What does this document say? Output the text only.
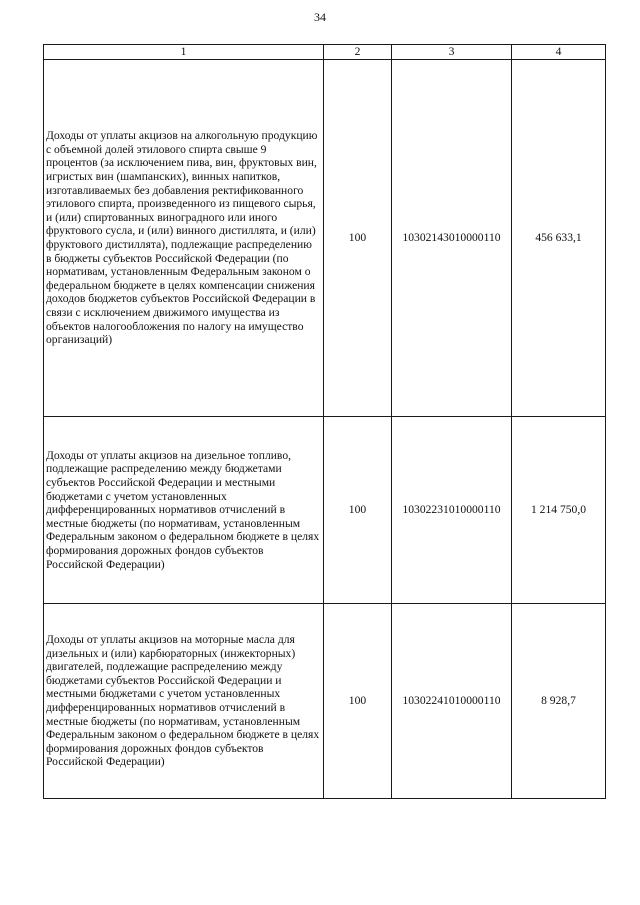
34
1	2	3	4
Доходы от уплаты акцизов на алкогольную продукцию с объемной долей этилового спирта свыше 9 процентов (за исключением пива, вин, фруктовых вин, игристых вин (шампанских), винных напитков, изготавливаемых без добавления ректификованного этилового спирта, произведенного из пищевого сырья, и (или) спиртованных виноградного или иного фруктового сусла, и (или) винного дистиллята, и (или) фруктового дистиллята), подлежащие распределению в бюджеты субъектов Российской Федерации (по нормативам, установленным Федеральным законом о федеральном бюджете в целях компенсации снижения доходов бюджетов субъектов Российской Федерации в связи с исключением движимого имущества из объектов налогообложения по налогу на имущество организаций)	100	10302143010000110	456 633,1
Доходы от уплаты акцизов на дизельное топливо, подлежащие распределению между бюджетами субъектов Российской Федерации и местными бюджетами с учетом установленных дифференцированных нормативов отчислений в местные бюджеты (по нормативам, установленным Федеральным законом о федеральном бюджете в целях формирования дорожных фондов субъектов Российской Федерации)	100	10302231010000110	1 214 750,0
Доходы от уплаты акцизов на моторные масла для дизельных и (или) карбюраторных (инжекторных) двигателей, подлежащие распределению между бюджетами субъектов Российской Федерации и местными бюджетами с учетом установленных дифференцированных нормативов отчислений в местные бюджеты (по нормативам, установленным Федеральным законом о федеральном бюджете в целях формирования дорожных фондов субъектов Российской Федерации)	100	10302241010000110	8 928,7
